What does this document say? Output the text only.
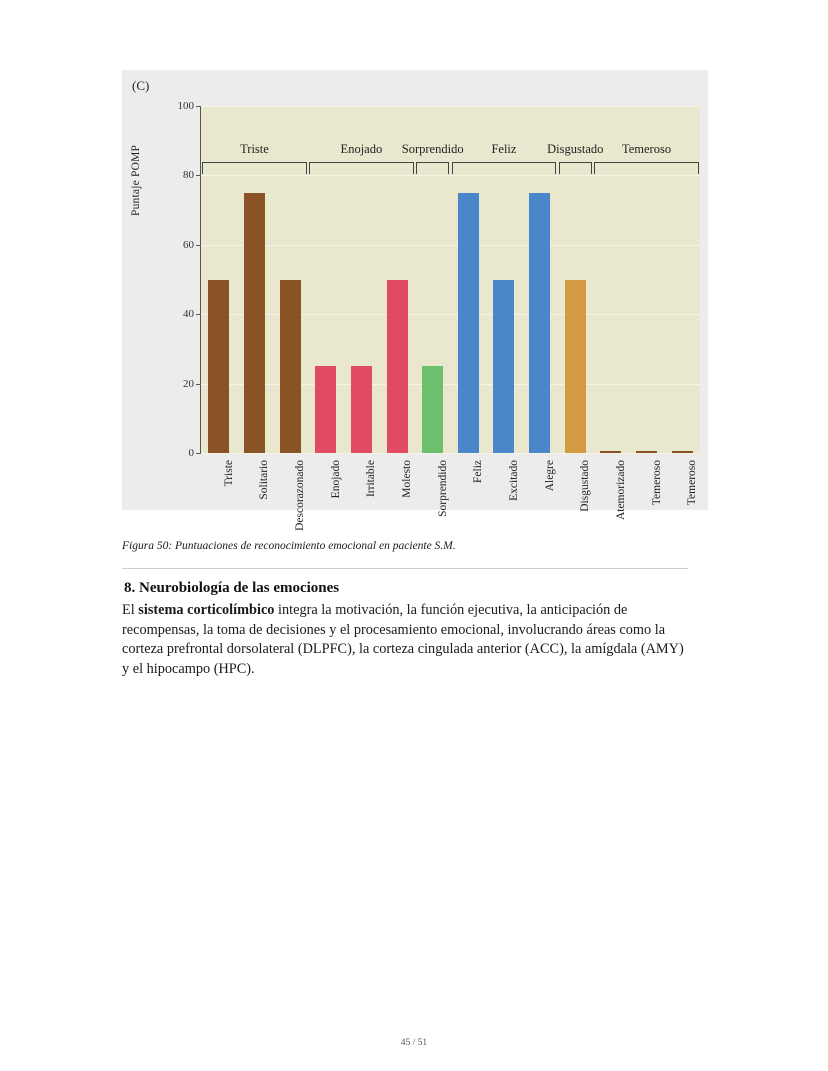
(C)
Puntaje POMP
0
20
40
60
80
100
Triste Solitario Descorazonado Enojado Irritable Molesto Sorprendido Feliz Excitado Alegre Disgustado Atemorizado Temeroso Temeroso
Triste	Enojado Sorprendido Feliz Disgustado Temeroso
Figura 50: Puntuaciones de reconocimiento emocional en paciente S.M.
8. Neurobiología de las emociones
El sistema corticolímbico integra la motivación, la función ejecutiva, la anticipación de recompensas, la toma de decisiones y el procesamiento emocional, involucrando áreas como la corteza prefrontal dorsolateral (DLPFC), la corteza cingulada anterior (ACC), la amígdala (AMY) y el hipocampo (HPC).
45 / 51
